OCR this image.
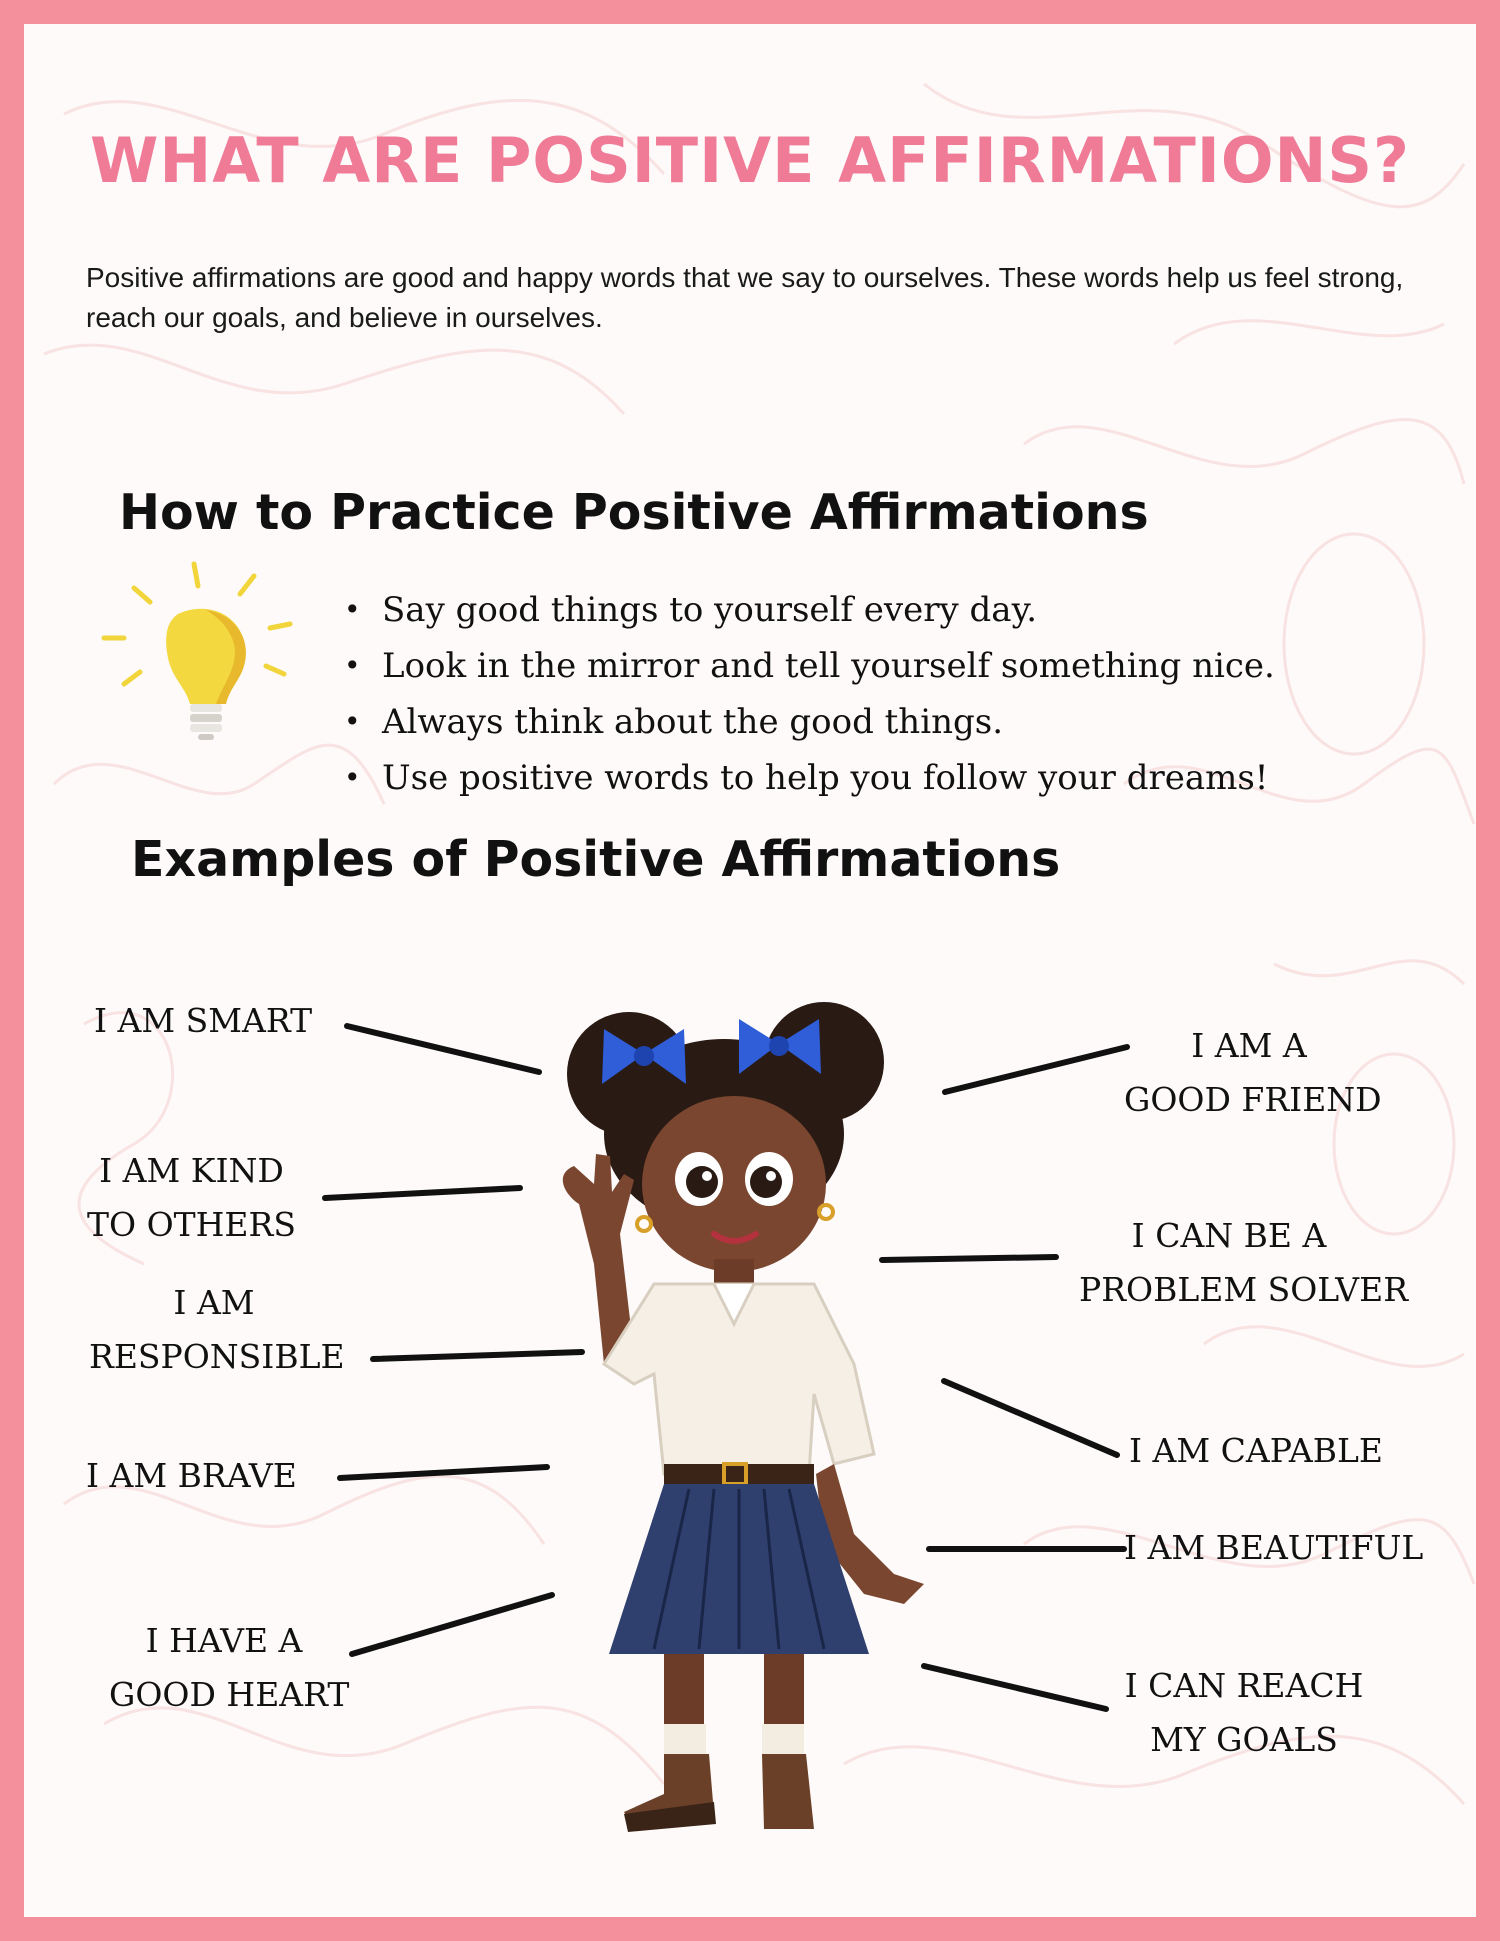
WHAT ARE POSITIVE AFFIRMATIONS?
Positive affirmations are good and happy words that we say to ourselves. These words help us feel strong, reach our goals, and believe in ourselves.
How to Practice Positive Affirmations
• Say good things to yourself every day.
• Look in the mirror and tell yourself something nice.
• Always think about the good things.
• Use positive words to help you follow your dreams!
Examples of Positive Affirmations
I AM SMART
I AM KIND
TO OTHERS
I AM
RESPONSIBLE
I AM BRAVE
I HAVE A
GOOD HEART
I AM A
GOOD FRIEND
I CAN BE A
PROBLEM SOLVER
I AM CAPABLE
I AM BEAUTIFUL
I CAN REACH
MY GOALS
